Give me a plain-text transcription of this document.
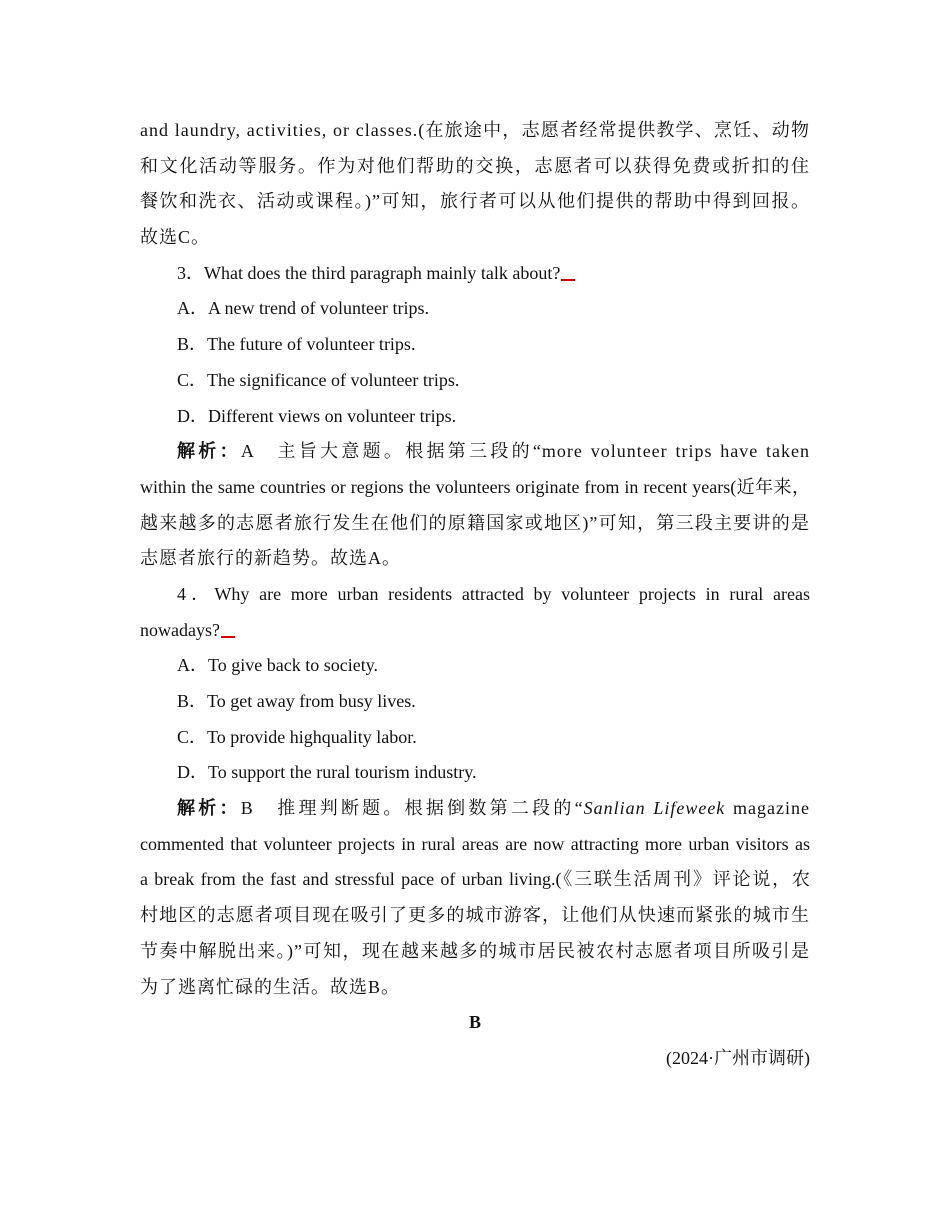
and laundry, activities, or classes.(在旅途中，志愿者经常提供教学、烹饪、动物
和文化活动等服务。作为对他们帮助的交换，志愿者可以获得免费或折扣的住
餐饮和洗衣、活动或课程。)”可知，旅行者可以从他们提供的帮助中得到回报。
故选C。
3．What does the third paragraph mainly talk about?
A．A new trend of volunteer trips.
B．The future of volunteer trips.
C．The significance of volunteer trips.
D．Different views on volunteer trips.
解析：A　主旨大意题。根据第三段的“more volunteer trips have taken
within the same countries or regions the volunteers originate from in recent years(近年来，
越来越多的志愿者旅行发生在他们的原籍国家或地区)”可知，第三段主要讲的是
志愿者旅行的新趋势。故选A。
4．Why are more urban residents attracted by volunteer projects in rural areas
nowadays?
A．To give back to society.
B．To get away from busy lives.
C．To provide highquality labor.
D．To support the rural tourism industry.
解析：B　推理判断题。根据倒数第二段的“Sanlian Lifeweek magazine
commented that volunteer projects in rural areas are now attracting more urban visitors as
a break from the fast and stressful pace of urban living.(《三联生活周刊》评论说，农
村地区的志愿者项目现在吸引了更多的城市游客，让他们从快速而紧张的城市生
节奏中解脱出来。)”可知，现在越来越多的城市居民被农村志愿者项目所吸引是
为了逃离忙碌的生活。故选B。
B
(2024·广州市调研)
